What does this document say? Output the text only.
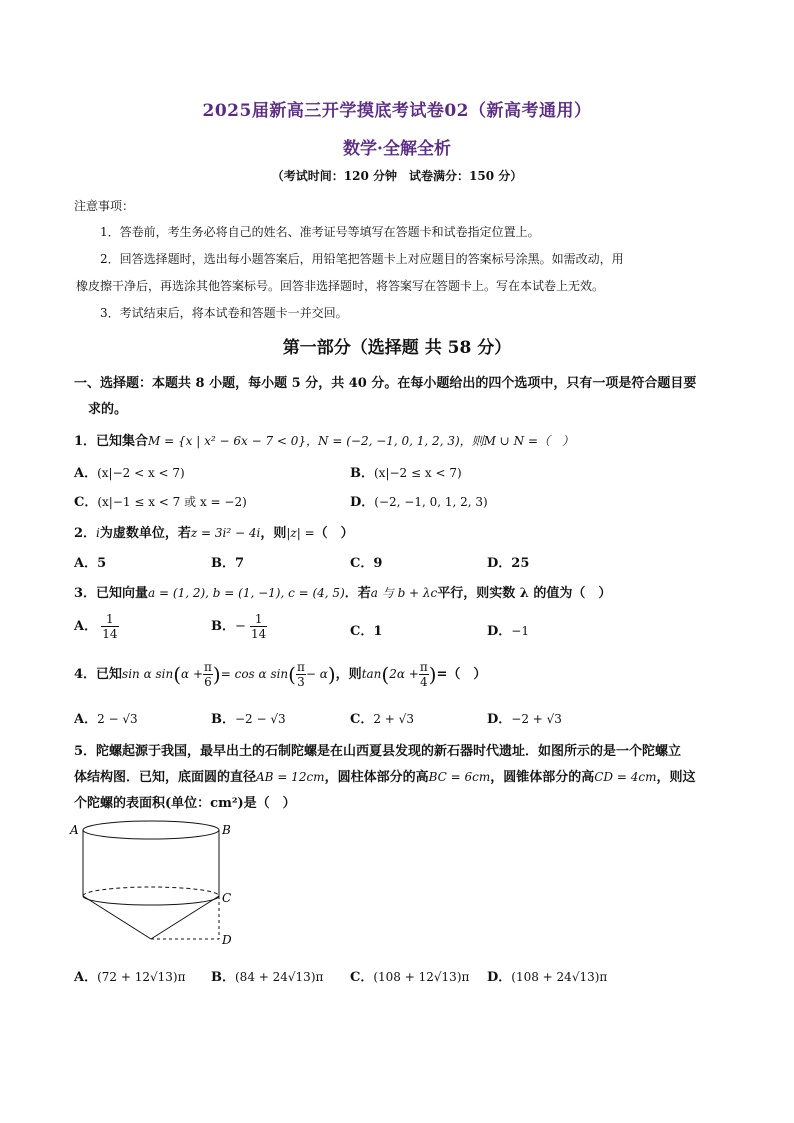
2025届新高三开学摸底考试卷02（新高考通用）
数学·全解全析
（考试时间：120 分钟　试卷满分：150 分）
注意事项：
1．答卷前，考生务必将自己的姓名、准考证号等填写在答题卡和试卷指定位置上。
2．回答选择题时，选出每小题答案后，用铅笔把答题卡上对应题目的答案标号涂黑。如需改动，用
橡皮擦干净后，再选涂其他答案标号。回答非选择题时，将答案写在答题卡上。写在本试卷上无效。
3．考试结束后，将本试卷和答题卡一并交回。
第一部分（选择题 共 58 分）
一、选择题：本题共 8 小题，每小题 5 分，共 40 分。在每小题给出的四个选项中，只有一项是符合题目要
求的。
1．已知集合M = {x | x² − 6x − 7 < 0}，N = (−2, −1, 0, 1, 2, 3)，则M ∪ N =（　）
A．(x|−2 < x < 7)	B．(x|−2 ≤ x < 7)
C．(x|−1 ≤ x < 7 或 x = −2)	D．(−2, −1, 0, 1, 2, 3)
2．i为虚数单位，若z = 3i² − 4i，则|z| =（　）
A．5	B．7	C．9	D．25
3．已知向量a = (1, 2), b = (1, −1), c = (4, 5)．若a 与 b + λc平行，则实数 λ 的值为（　）
A． $\frac{1}{14}$	B．− $\frac{1}{14}$	C．1	D．−1
4．已知sin α $\sin(\alpha + \frac{\pi}{6}$ )= cos α $\sin( \frac{\pi}{3} - \alpha)$，则$\tan(2\alpha + \frac{\pi}{4}$ )=（　）
A．2 − √3	B．−2 − √3	C．2 + √3	D．−2 + √3
5．陀螺起源于我国，最早出土的石制陀螺是在山西夏县发现的新石器时代遗址．如图所示的是一个陀螺立
体结构图．已知，底面圆的直径AB = 12cm，圆柱体部分的高BC = 6cm，圆锥体部分的高CD = 4cm，则这
个陀螺的表面积(单位：cm²)是（　）
A	B
C
D
A．(72 + 12√13)π B．(84 + 24√13)π C．(108 + 12√13)π D．(108 + 24√13)π
